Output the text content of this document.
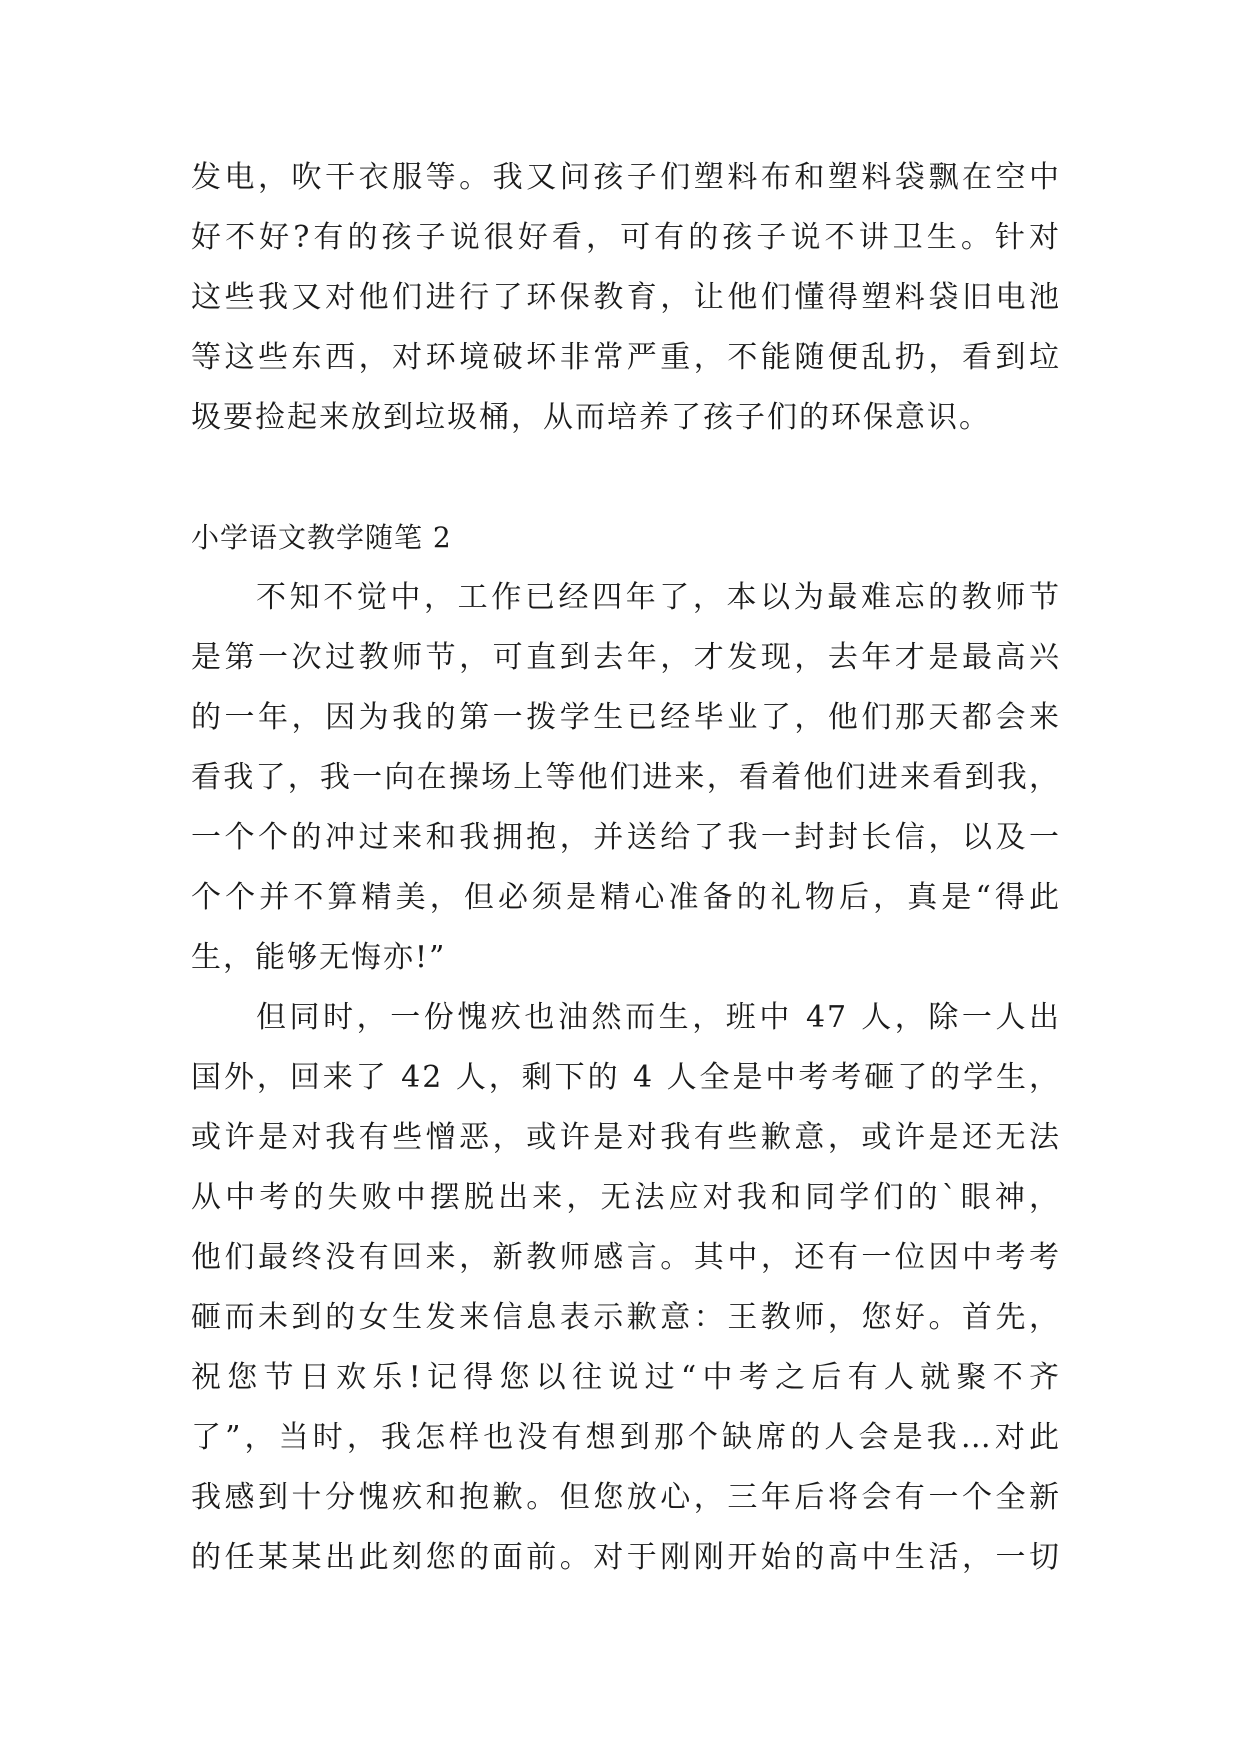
发电，吹干衣服等。我又问孩子们塑料布和塑料袋飘在空中
好不好?有的孩子说很好看，可有的孩子说不讲卫生。针对
这些我又对他们进行了环保教育，让他们懂得塑料袋旧电池
等这些东西，对环境破坏非常严重，不能随便乱扔，看到垃
圾要捡起来放到垃圾桶，从而培养了孩子们的环保意识。
小学语文教学随笔 2
不知不觉中，工作已经四年了，本以为最难忘的教师节
是第一次过教师节，可直到去年，才发现，去年才是最高兴
的一年，因为我的第一拨学生已经毕业了，他们那天都会来
看我了，我一向在操场上等他们进来，看着他们进来看到我，
一个个的冲过来和我拥抱，并送给了我一封封长信，以及一
个个并不算精美，但必须是精心准备的礼物后，真是“得此
生，能够无悔亦!”
但同时，一份愧疚也油然而生，班中 47 人，除一人出
国外，回来了 42 人，剩下的 4 人全是中考考砸了的学生，
或许是对我有些憎恶，或许是对我有些歉意，或许是还无法
从中考的失败中摆脱出来，无法应对我和同学们的`眼神，
他们最终没有回来，新教师感言。其中，还有一位因中考考
砸而未到的女生发来信息表示歉意：王教师，您好。首先，
祝您节日欢乐!记得您以往说过“中考之后有人就聚不齐
了”，当时，我怎样也没有想到那个缺席的人会是我…对此
我感到十分愧疚和抱歉。但您放心，三年后将会有一个全新
的任某某出此刻您的面前。对于刚刚开始的高中生活，一切
